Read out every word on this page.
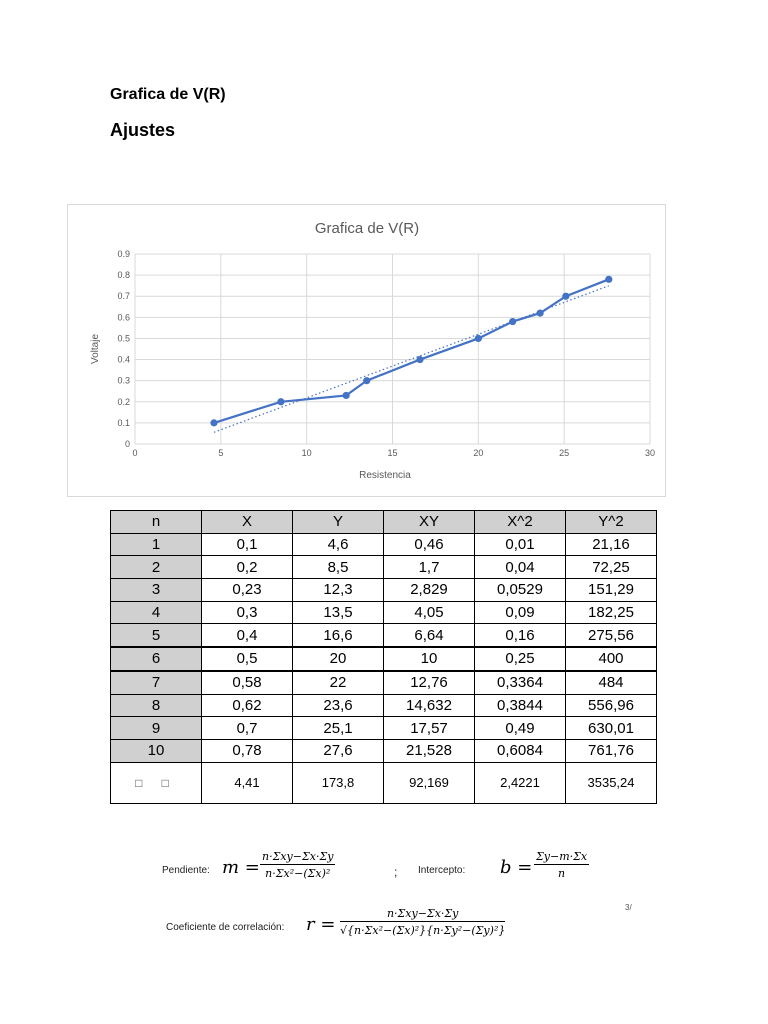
Grafica de V(R)
Ajustes
0
0.1
0.2
0.3
0.4
0.5
0.6
0.7
0.8
0.9
0	5	10	15	20	25	30
Grafica de V(R)
Resistencia
Voltaje
n	X	Y	XY	X^2	Y^2
1	0,1	4,6	0,46	0,01	21,16
2	0,2	8,5	1,7	0,04	72,25
3	0,23	12,3	2,829	0,0529	151,29
4	0,3	13,5	4,05	0,09	182,25
5	0,4	16,6	6,64	0,16	275,56
6	0,5	20	10	0,25	400
7	0,58	22	12,76	0,3364	484
8	0,62	23,6	14,632	0,3844	556,96
9	0,7	25,1	17,57	0,49	630,01
10	0,78	27,6	21,528	0,6084	761,76
□ □	4,41	173,8	92,169	2,4221	3535,24
Pendiente: m =
n·Σxy−Σx·Σy
n·Σx²−(Σx)²	; Intercepto: $b = \frac{\Sigma y-m\cdot\Sigma x}{n}$
Coeficiente de correlación: r =
n·Σxy−Σx·Σy
√{n·Σx²−(Σx)²}{n·Σy²−(Σy)²}
3/
